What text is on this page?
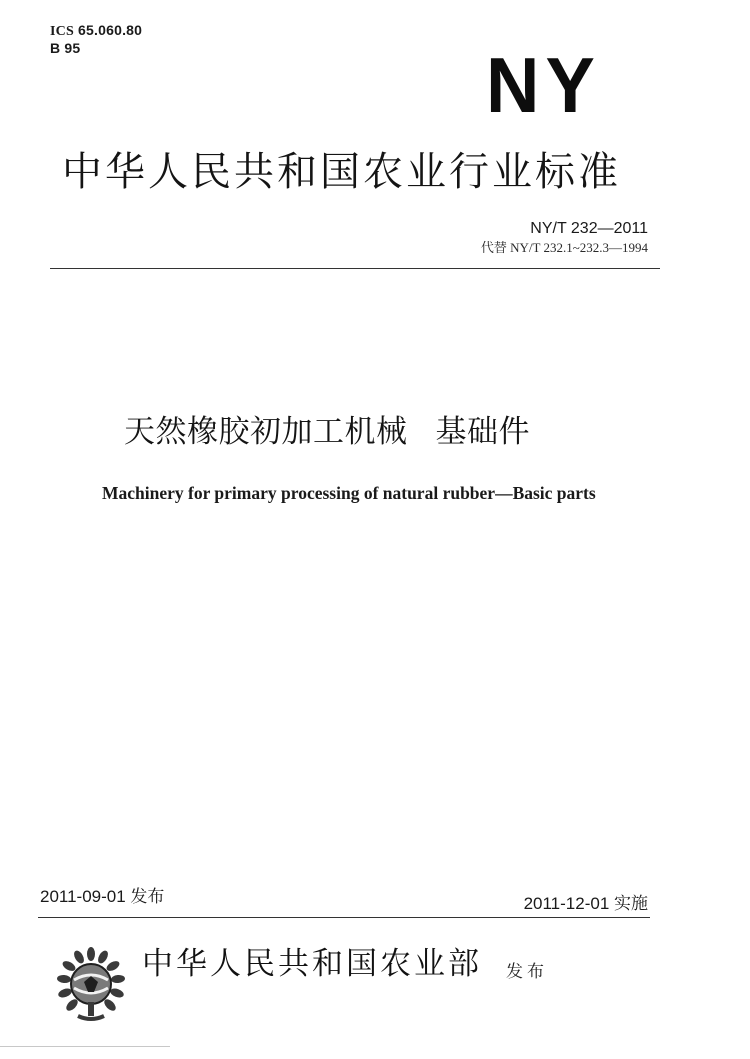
ICS 65.060.80
B 95	NY
中华人民共和国农业行业标准
NY/T 232—2011
代替 NY/T 232.1~232.3—1994
天然橡胶初加工机械 基础件
Machinery for primary processing of natural rubber—Basic parts
2011-09-01 发布	2011-12-01 实施
中华人民共和国农业部 发布
